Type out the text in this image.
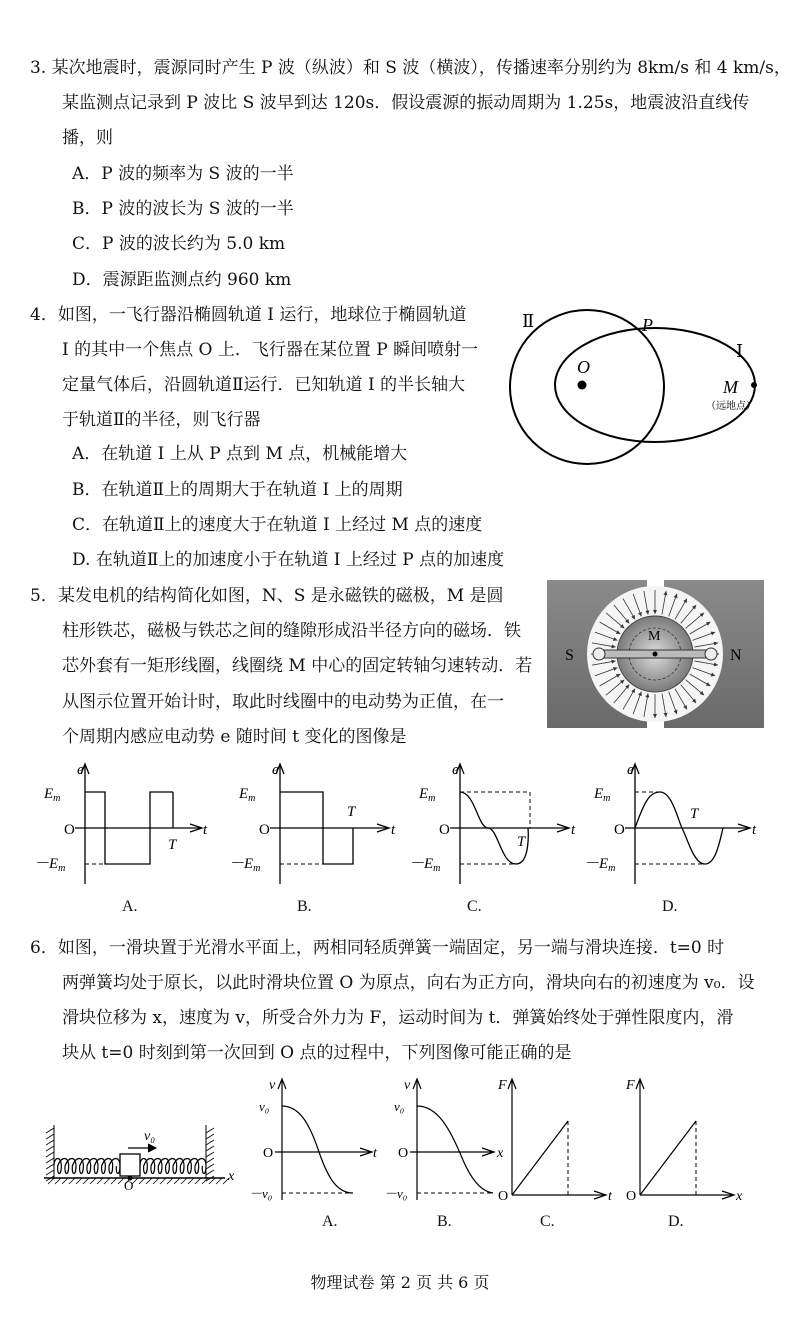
3. 某次地震时，震源同时产生 P 波（纵波）和 S 波（横波），传播速率分别约为 8km/s 和 4 km/s，
某监测点记录到 P 波比 S 波早到达 120s．假设震源的振动周期为 1.25s，地震波沿直线传
播，则
A．P 波的频率为 S 波的一半
B．P 波的波长为 S 波的一半
C．P 波的波长约为 5.0 km
D．震源距监测点约 960 km
4．如图，一飞行器沿椭圆轨道 I 运行，地球位于椭圆轨道
I 的其中一个焦点 O 上．飞行器在某位置 P 瞬间喷射一
定量气体后，沿圆轨道Ⅱ运行．已知轨道 I 的半长轴大
于轨道Ⅱ的半径，则飞行器
A．在轨道 I 上从 P 点到 M 点，机械能增大
B．在轨道Ⅱ上的周期大于在轨道 I 上的周期
C．在轨道Ⅱ上的速度大于在轨道 I 上经过 M 点的速度
D. 在轨道Ⅱ上的加速度小于在轨道 I 上经过 P 点的加速度
Ⅱ
Ⅰ
P
O
M
（远地点）
5．某发电机的结构简化如图，N、S 是永磁铁的磁极，M 是圆
柱形铁芯，磁极与铁芯之间的缝隙形成沿半径方向的磁场．铁
芯外套有一矩形线圈，线圈绕 M 中心的固定转轴匀速转动．若
从图示位置开始计时，取此时线圈中的电动势为正值，在一
个周期内感应电动势 e 随时间 t 变化的图像是
S	N
M
e
$E_m$
O
$-E_m$
T
t
e
$E_m$
O
$-E_m$
T
t
e
$E_m$
O
$-E_m$
T
t
e
$E_m$
O
$-E_m$
T
t
A.	B.	C.	D.
6．如图，一滑块置于光滑水平面上，两相同轻质弹簧一端固定，另一端与滑块连接．t=0 时
两弹簧均处于原长，以此时滑块位置 O 为原点，向右为正方向，滑块向右的初速度为 v₀．设
滑块位移为 x，速度为 v，所受合外力为 F，运动时间为 t．弹簧始终处于弹性限度内，滑
块从 t=0 时刻到第一次回到 O 点的过程中，下列图像可能正确的是
v₀
O
x
v
v₀
O
－v₀
t
v
v₀
O
－v₀
x
F
O	t
F
O	x
A.	B.	C.	D.
物理试卷 第 2 页 共 6 页
